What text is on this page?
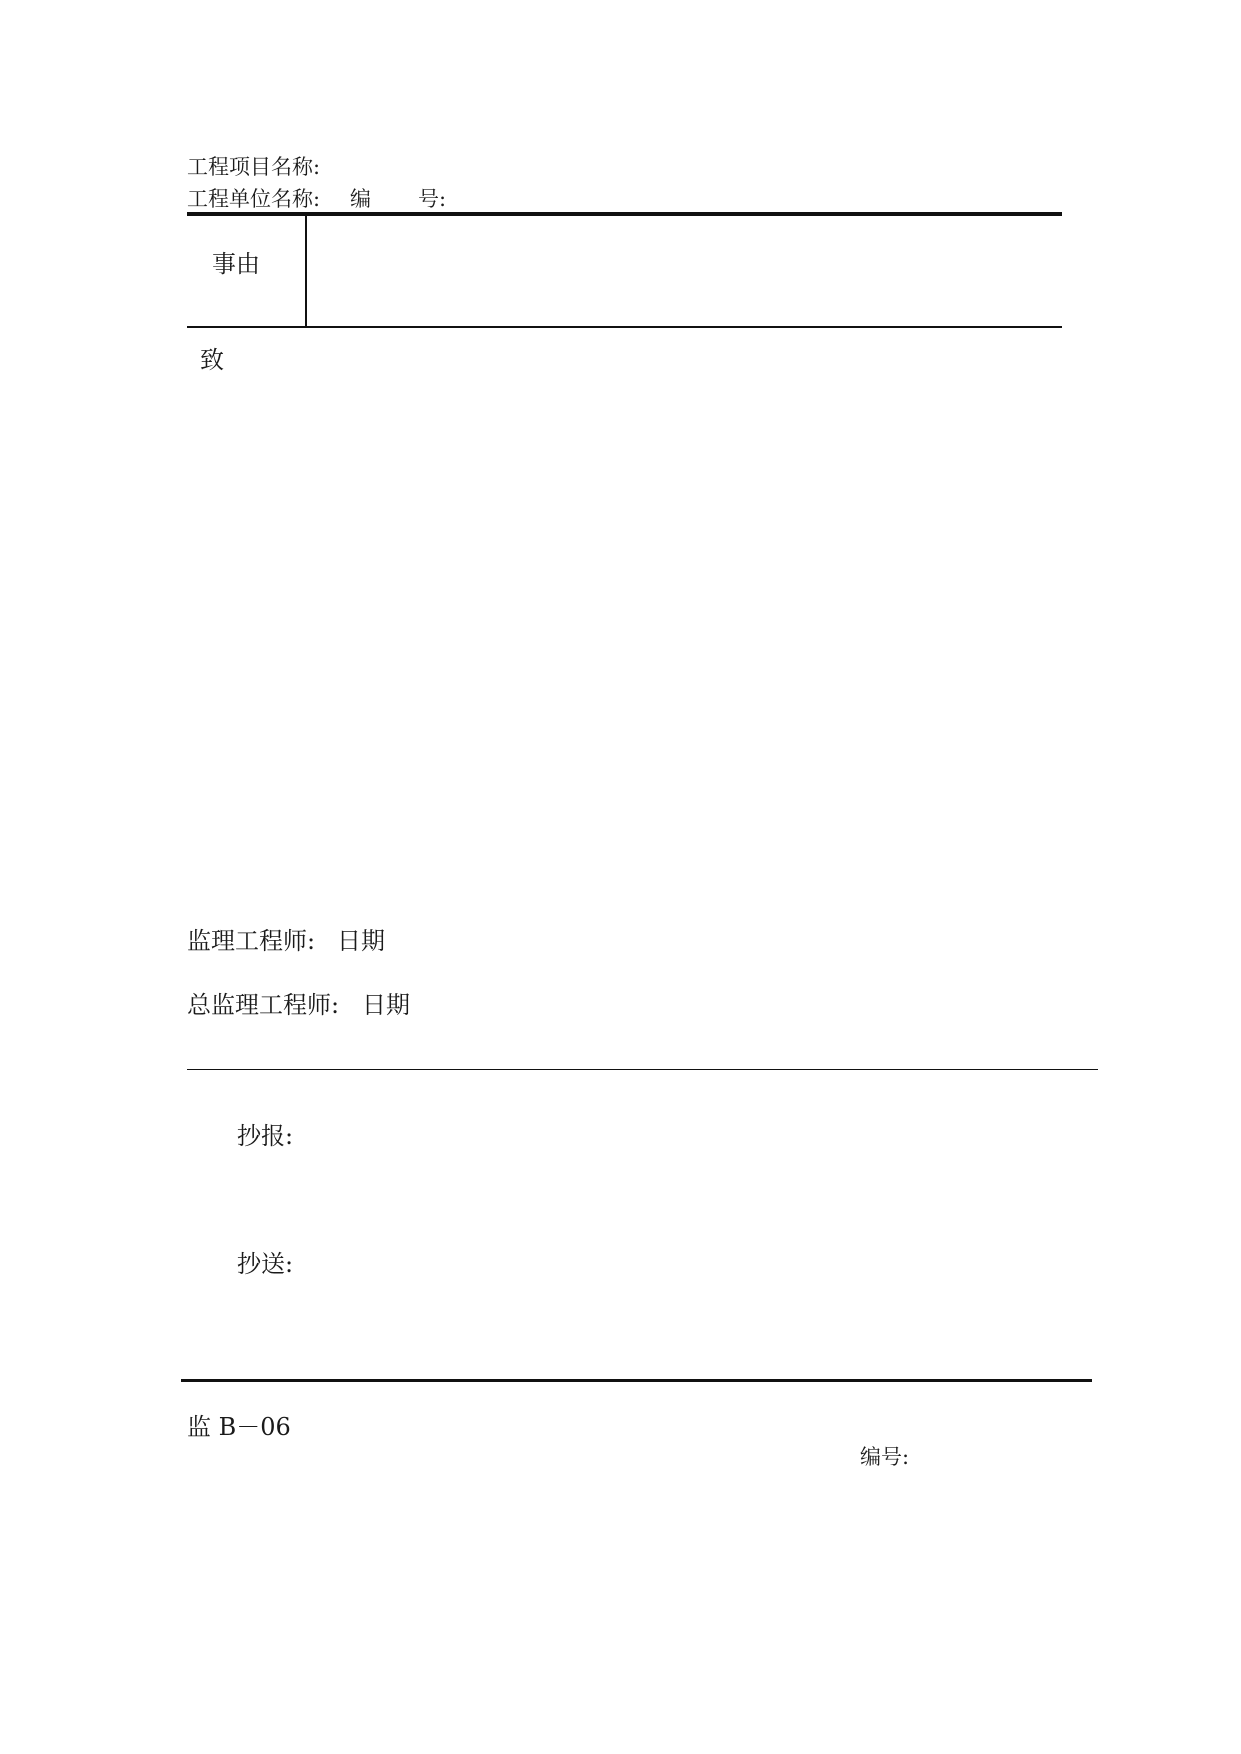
工程项目名称:
工程单位名称: 编 号:
事由
致
监理工程师: 日期
总监理工程师: 日期
抄报:
抄送:
监 B－06
编号:
